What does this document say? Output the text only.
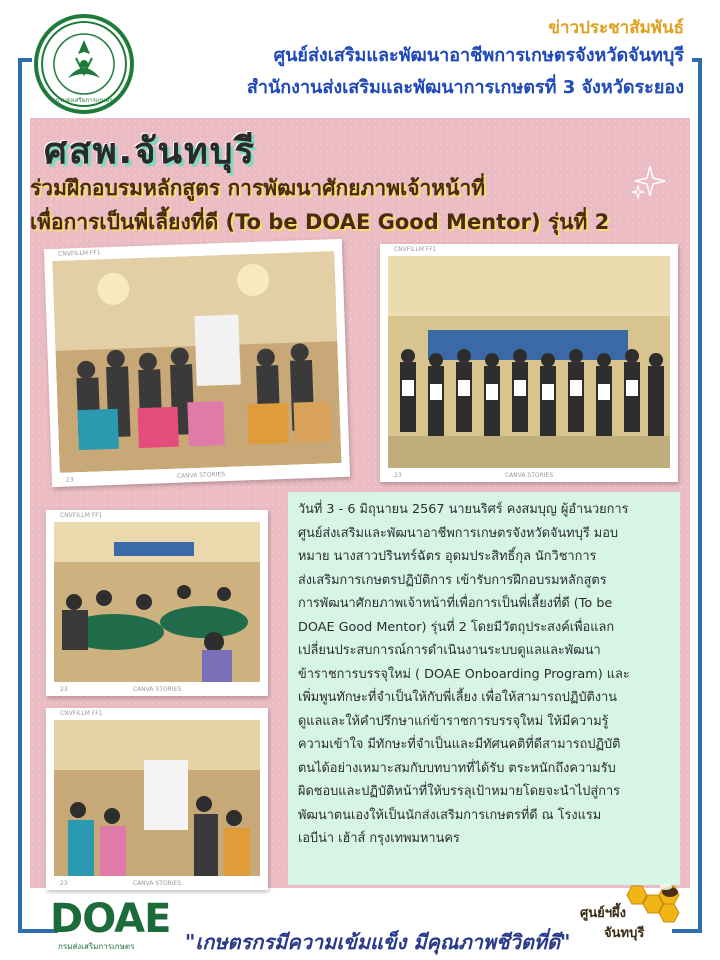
กรมส่งเสริมการเกษตร
ข่าวประชาสัมพันธ์
ศูนย์ส่งเสริมและพัฒนาอาชีพการเกษตรจังหวัดจันทบุรี
สำนักงานส่งเสริมและพัฒนาการเกษตรที่ 3 จังหวัดระยอง
ศสพ.จันทบุรี
ร่วมฝึกอบรมหลักสูตร การพัฒนาศักยภาพเจ้าหน้าที่
เพื่อการเป็นพี่เลี้ยงที่ดี (To be DOAE Good Mentor) รุ่นที่ 2
CNVFILLM FF1
23
CANVA STORIES
CNVFILLM FF1
23	CANVA STORIES
CNVFILLM FF1
23	CANVA STORIES
CNVFILLM FF1
23	CANVA STORIES
วันที่ 3 - 6 มิถุนายน 2567 นายนริศร์ คงสมบุญ ผู้อำนวยการ
ศูนย์ส่งเสริมและพัฒนาอาชีพการเกษตรจังหวัดจันทบุรี มอบ
หมาย นางสาวปรินทร์ฉัตร อุดมประสิทธิ์กุล นักวิชาการ
ส่งเสริมการเกษตรปฏิบัติการ เข้ารับการฝึกอบรมหลักสูตร
การพัฒนาศักยภาพเจ้าหน้าที่เพื่อการเป็นพี่เลี้ยงที่ดี (To be
DOAE Good Mentor) รุ่นที่ 2 โดยมีวัตถุประสงค์เพื่อแลก
เปลี่ยนประสบการณ์การดำเนินงานระบบดูแลและพัฒนา
ข้าราชการบรรจุใหม่ ( DOAE Onboarding Program) และ
เพิ่มพูนทักษะที่จำเป็นให้กับพี่เลี้ยง เพื่อให้สามารถปฏิบัติงาน
ดูแลและให้คำปรึกษาแก่ข้าราชการบรรจุใหม่ ให้มีความรู้
ความเข้าใจ มีทักษะที่จำเป็นและมีทัศนคติที่ดีสามารถปฏิบัติ
ตนได้อย่างเหมาะสมกับบทบาทที่ได้รับ ตระหนักถึงความรับ
ผิดชอบและปฏิบัติหน้าที่ให้บรรลุเป้าหมายโดยจะนำไปสู่การ
พัฒนาตนเองให้เป็นนักส่งเสริมการเกษตรที่ดี ณ โรงแรม
เอบีน่า เฮ้าส์ กรุงเทพมหานคร
DOAE
กรมส่งเสริมการเกษตร	"เกษตรกรมีความเข้มแข็ง มีคุณภาพชีวิตที่ดี"
ศูนย์ฯผึ้ง
จันทบุรี
